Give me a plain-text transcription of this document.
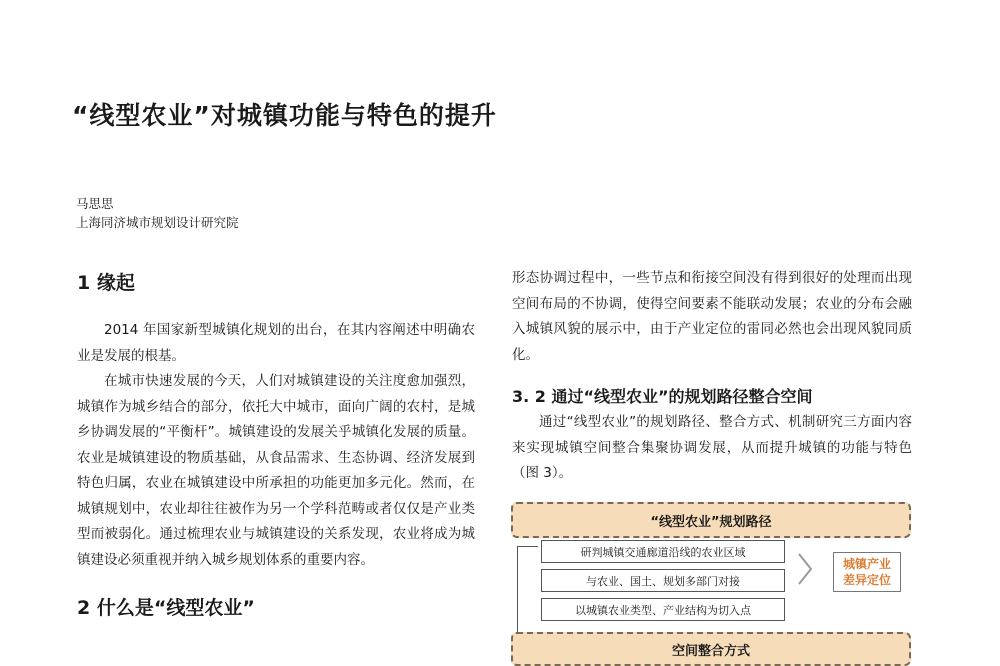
“线型农业”对城镇功能与特色的提升
马思思
上海同济城市规划设计研究院
1 缘起

2014 年国家新型城镇化规划的出台，在其内容阐述中明确农业是发展的根基。

在城市快速发展的今天，人们对城镇建设的关注度愈加强烈，城镇作为城乡结合的部分，依托大中城市，面向广阔的农村，是城乡协调发展的“平衡杆”。城镇建设的发展关乎城镇化发展的质量。农业是城镇建设的物质基础，从食品需求、生态协调、经济发展到特色归属，农业在城镇建设中所承担的功能更加多元化。然而，在城镇规划中，农业却往往被作为另一个学科范畴或者仅仅是产业类型而被弱化。通过梳理农业与城镇建设的关系发现，农业将成为城镇建设必须重视并纳入城乡规划体系的重要内容。

2 什么是“线型农业”

形态协调过程中，一些节点和衔接空间没有得到很好的处理而出现空间布局的不协调，使得空间要素不能联动发展；农业的分布会融入城镇风貌的展示中，由于产业定位的雷同必然也会出现风貌同质化。

3. 2 通过“线型农业”的规划路径整合空间

通过“线型农业”的规划路径、整合方式、机制研究三方面内容来实现城镇空间整合集聚协调发展，从而提升城镇的功能与特色（图 3）。

“线型农业”规划路径
研判城镇交通廊道沿线的农业区域
与农业、国土、规划多部门对接
以城镇农业类型、产业结构为切入点
城镇产业
差异定位
空间整合方式
